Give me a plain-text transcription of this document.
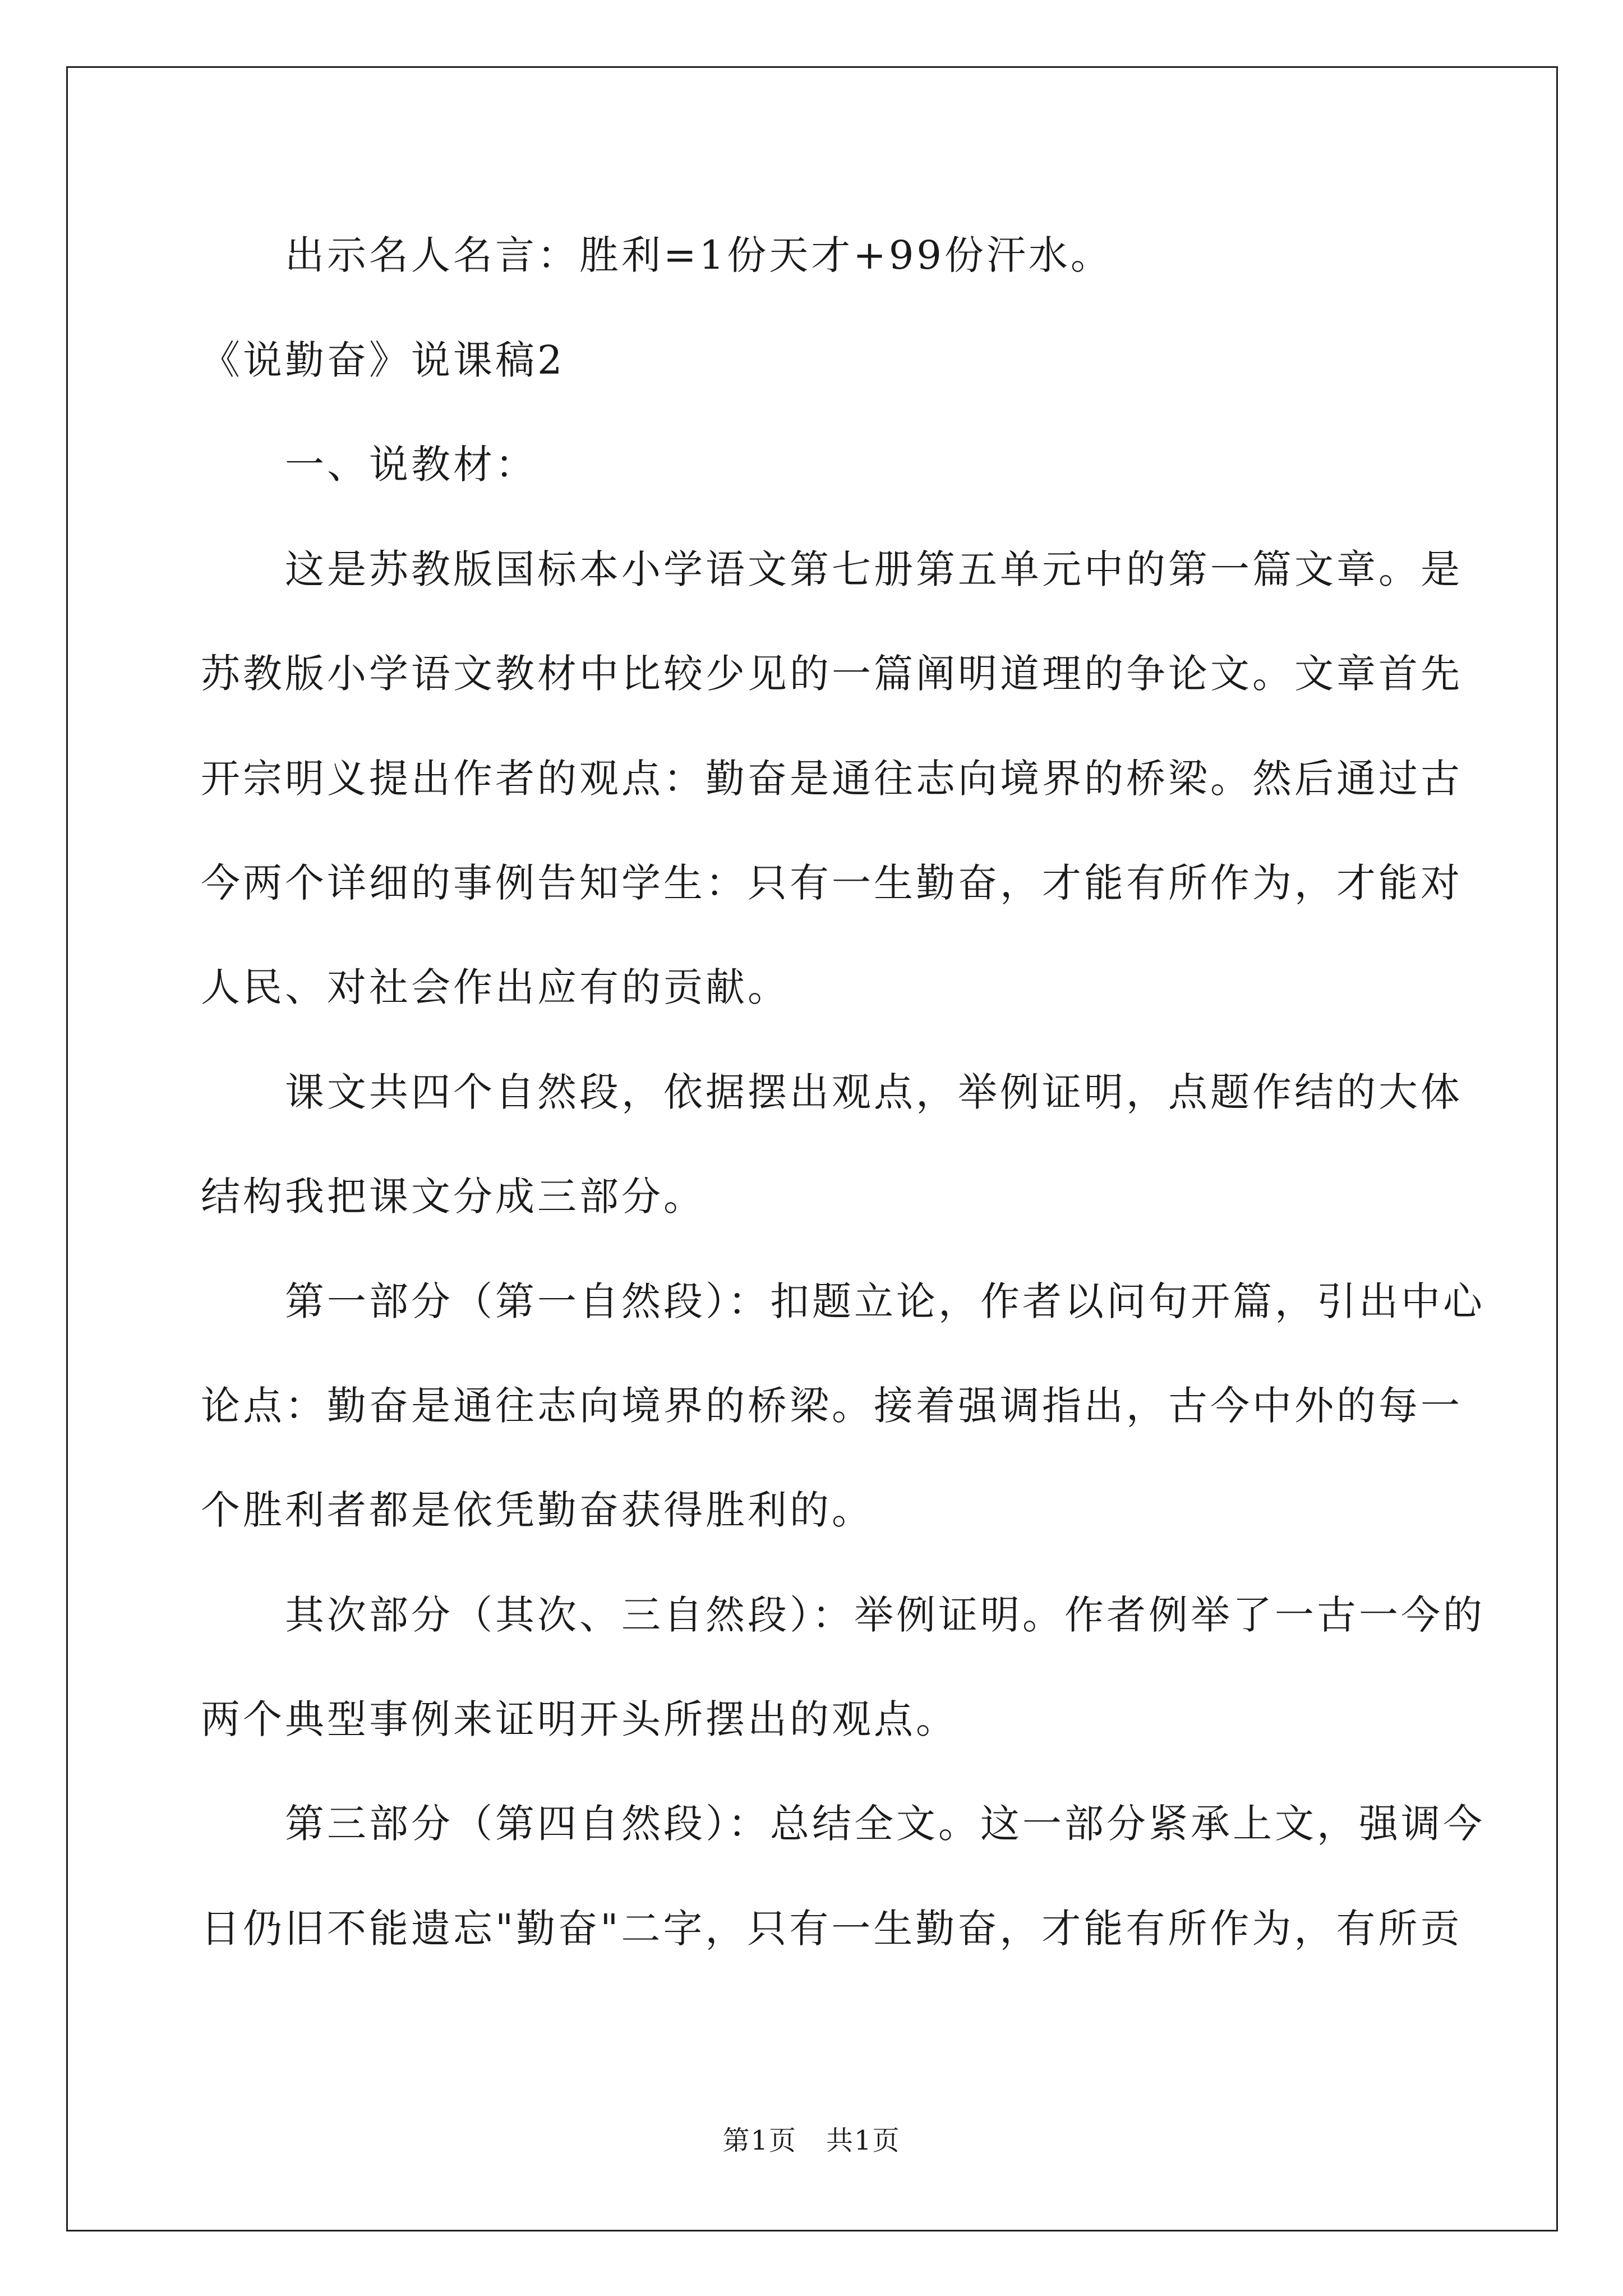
出示名人名言：胜利=1份天才+99份汗水。
《说勤奋》说课稿2
一、说教材：
这是苏教版国标本小学语文第七册第五单元中的第一篇文章。是
苏教版小学语文教材中比较少见的一篇阐明道理的争论文。文章首先
开宗明义提出作者的观点：勤奋是通往志向境界的桥梁。然后通过古
今两个详细的事例告知学生：只有一生勤奋，才能有所作为，才能对
人民、对社会作出应有的贡献。
课文共四个自然段，依据摆出观点，举例证明，点题作结的大体
结构我把课文分成三部分。
第一部分（第一自然段）：扣题立论，作者以问句开篇，引出中心
论点：勤奋是通往志向境界的桥梁。接着强调指出，古今中外的每一
个胜利者都是依凭勤奋获得胜利的。
其次部分（其次、三自然段）：举例证明。作者例举了一古一今的
两个典型事例来证明开头所摆出的观点。
第三部分（第四自然段）：总结全文。这一部分紧承上文，强调今
日仍旧不能遗忘"勤奋"二字，只有一生勤奋，才能有所作为，有所贡
第1页 共1页
